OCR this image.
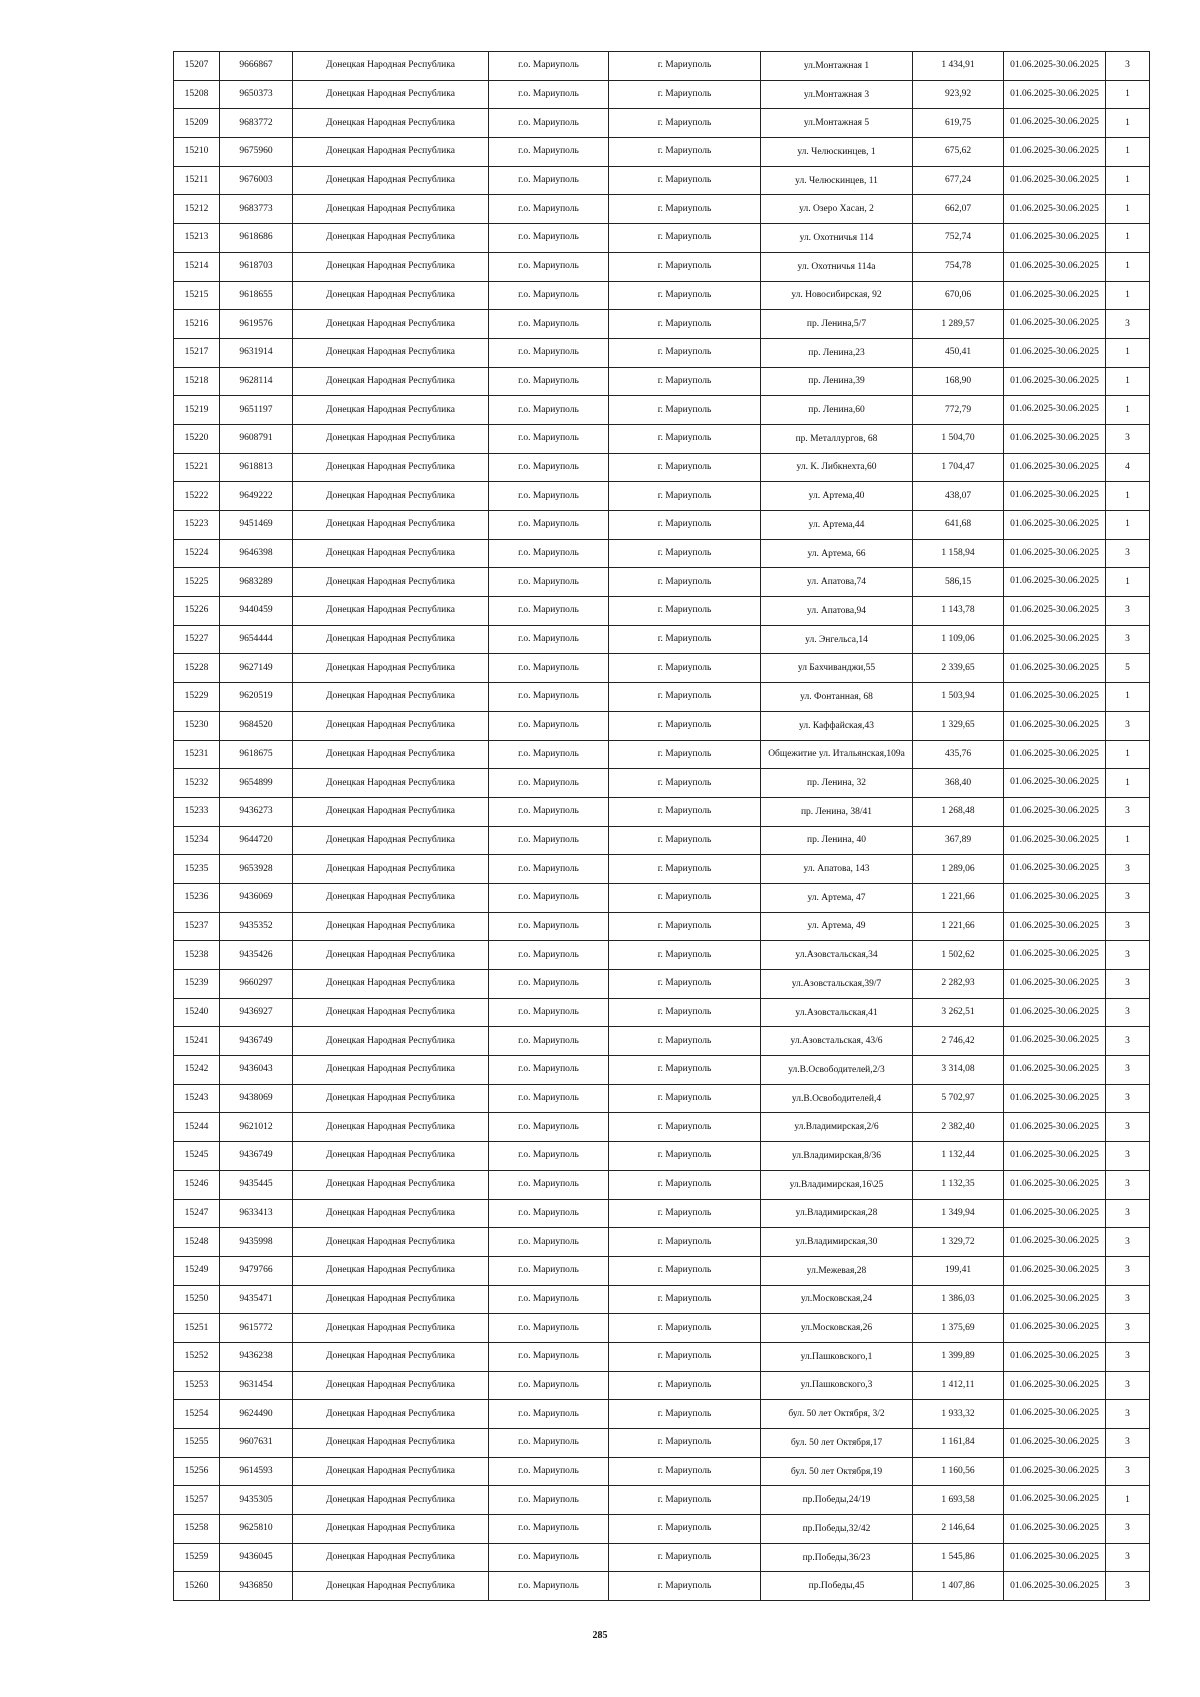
15207	9666867	Донецкая Народная Республика	г.о. Мариуполь	г. Мариуполь	ул.Монтажная 1	1 434,91	01.06.2025-30.06.2025	3
15208	9650373	Донецкая Народная Республика	г.о. Мариуполь	г. Мариуполь	ул.Монтажная 3	923,92	01.06.2025-30.06.2025	1
15209	9683772	Донецкая Народная Республика	г.о. Мариуполь	г. Мариуполь	ул.Монтажная 5	619,75	01.06.2025-30.06.2025	1
15210	9675960	Донецкая Народная Республика	г.о. Мариуполь	г. Мариуполь	ул. Челюскинцев, 1	675,62	01.06.2025-30.06.2025	1
15211	9676003	Донецкая Народная Республика	г.о. Мариуполь	г. Мариуполь	ул. Челюскинцев, 11	677,24	01.06.2025-30.06.2025	1
15212	9683773	Донецкая Народная Республика	г.о. Мариуполь	г. Мариуполь	ул. Озеро Хасан, 2	662,07	01.06.2025-30.06.2025	1
15213	9618686	Донецкая Народная Республика	г.о. Мариуполь	г. Мариуполь	ул. Охотничья 114	752,74	01.06.2025-30.06.2025	1
15214	9618703	Донецкая Народная Республика	г.о. Мариуполь	г. Мариуполь	ул. Охотничья 114а	754,78	01.06.2025-30.06.2025	1
15215	9618655	Донецкая Народная Республика	г.о. Мариуполь	г. Мариуполь	ул. Новосибирская, 92	670,06	01.06.2025-30.06.2025	1
15216	9619576	Донецкая Народная Республика	г.о. Мариуполь	г. Мариуполь	пр. Ленина,5/7	1 289,57	01.06.2025-30.06.2025	3
15217	9631914	Донецкая Народная Республика	г.о. Мариуполь	г. Мариуполь	пр. Ленина,23	450,41	01.06.2025-30.06.2025	1
15218	9628114	Донецкая Народная Республика	г.о. Мариуполь	г. Мариуполь	пр. Ленина,39	168,90	01.06.2025-30.06.2025	1
15219	9651197	Донецкая Народная Республика	г.о. Мариуполь	г. Мариуполь	пр. Ленина,60	772,79	01.06.2025-30.06.2025	1
15220	9608791	Донецкая Народная Республика	г.о. Мариуполь	г. Мариуполь	пр. Металлургов, 68	1 504,70	01.06.2025-30.06.2025	3
15221	9618813	Донецкая Народная Республика	г.о. Мариуполь	г. Мариуполь	ул. К. Либкнехта,60	1 704,47	01.06.2025-30.06.2025	4
15222	9649222	Донецкая Народная Республика	г.о. Мариуполь	г. Мариуполь	ул. Артема,40	438,07	01.06.2025-30.06.2025	1
15223	9451469	Донецкая Народная Республика	г.о. Мариуполь	г. Мариуполь	ул. Артема,44	641,68	01.06.2025-30.06.2025	1
15224	9646398	Донецкая Народная Республика	г.о. Мариуполь	г. Мариуполь	ул. Артема, 66	1 158,94	01.06.2025-30.06.2025	3
15225	9683289	Донецкая Народная Республика	г.о. Мариуполь	г. Мариуполь	ул. Апатова,74	586,15	01.06.2025-30.06.2025	1
15226	9440459	Донецкая Народная Республика	г.о. Мариуполь	г. Мариуполь	ул. Апатова,94	1 143,78	01.06.2025-30.06.2025	3
15227	9654444	Донецкая Народная Республика	г.о. Мариуполь	г. Мариуполь	ул. Энгельса,14	1 109,06	01.06.2025-30.06.2025	3
15228	9627149	Донецкая Народная Республика	г.о. Мариуполь	г. Мариуполь	ул Бахчиванджи,55	2 339,65	01.06.2025-30.06.2025	5
15229	9620519	Донецкая Народная Республика	г.о. Мариуполь	г. Мариуполь	ул. Фонтанная, 68	1 503,94	01.06.2025-30.06.2025	1
15230	9684520	Донецкая Народная Республика	г.о. Мариуполь	г. Мариуполь	ул. Каффайская,43	1 329,65	01.06.2025-30.06.2025	3
15231	9618675	Донецкая Народная Республика	г.о. Мариуполь	г. Мариуполь	Общежитие ул. Итальянская,109а	435,76	01.06.2025-30.06.2025	1
15232	9654899	Донецкая Народная Республика	г.о. Мариуполь	г. Мариуполь	пр. Ленина, 32	368,40	01.06.2025-30.06.2025	1
15233	9436273	Донецкая Народная Республика	г.о. Мариуполь	г. Мариуполь	пр. Ленина, 38/41	1 268,48	01.06.2025-30.06.2025	3
15234	9644720	Донецкая Народная Республика	г.о. Мариуполь	г. Мариуполь	пр. Ленина, 40	367,89	01.06.2025-30.06.2025	1
15235	9653928	Донецкая Народная Республика	г.о. Мариуполь	г. Мариуполь	ул. Апатова, 143	1 289,06	01.06.2025-30.06.2025	3
15236	9436069	Донецкая Народная Республика	г.о. Мариуполь	г. Мариуполь	ул. Артема, 47	1 221,66	01.06.2025-30.06.2025	3
15237	9435352	Донецкая Народная Республика	г.о. Мариуполь	г. Мариуполь	ул. Артема, 49	1 221,66	01.06.2025-30.06.2025	3
15238	9435426	Донецкая Народная Республика	г.о. Мариуполь	г. Мариуполь	ул.Азовстальская,34	1 502,62	01.06.2025-30.06.2025	3
15239	9660297	Донецкая Народная Республика	г.о. Мариуполь	г. Мариуполь	ул.Азовстальская,39/7	2 282,93	01.06.2025-30.06.2025	3
15240	9436927	Донецкая Народная Республика	г.о. Мариуполь	г. Мариуполь	ул.Азовстальская,41	3 262,51	01.06.2025-30.06.2025	3
15241	9436749	Донецкая Народная Республика	г.о. Мариуполь	г. Мариуполь	ул.Азовстальская, 43/6	2 746,42	01.06.2025-30.06.2025	3
15242	9436043	Донецкая Народная Республика	г.о. Мариуполь	г. Мариуполь	ул.В.Освободителей,2/3	3 314,08	01.06.2025-30.06.2025	3
15243	9438069	Донецкая Народная Республика	г.о. Мариуполь	г. Мариуполь	ул.В.Освободителей,4	5 702,97	01.06.2025-30.06.2025	3
15244	9621012	Донецкая Народная Республика	г.о. Мариуполь	г. Мариуполь	ул.Владимирская,2/6	2 382,40	01.06.2025-30.06.2025	3
15245	9436749	Донецкая Народная Республика	г.о. Мариуполь	г. Мариуполь	ул.Владимирская,8/36	1 132,44	01.06.2025-30.06.2025	3
15246	9435445	Донецкая Народная Республика	г.о. Мариуполь	г. Мариуполь	ул.Владимирская,16\25	1 132,35	01.06.2025-30.06.2025	3
15247	9633413	Донецкая Народная Республика	г.о. Мариуполь	г. Мариуполь	ул.Владимирская,28	1 349,94	01.06.2025-30.06.2025	3
15248	9435998	Донецкая Народная Республика	г.о. Мариуполь	г. Мариуполь	ул.Владимирская,30	1 329,72	01.06.2025-30.06.2025	3
15249	9479766	Донецкая Народная Республика	г.о. Мариуполь	г. Мариуполь	ул.Межевая,28	199,41	01.06.2025-30.06.2025	3
15250	9435471	Донецкая Народная Республика	г.о. Мариуполь	г. Мариуполь	ул.Московская,24	1 386,03	01.06.2025-30.06.2025	3
15251	9615772	Донецкая Народная Республика	г.о. Мариуполь	г. Мариуполь	ул.Московская,26	1 375,69	01.06.2025-30.06.2025	3
15252	9436238	Донецкая Народная Республика	г.о. Мариуполь	г. Мариуполь	ул.Пашковского,1	1 399,89	01.06.2025-30.06.2025	3
15253	9631454	Донецкая Народная Республика	г.о. Мариуполь	г. Мариуполь	ул.Пашковского,3	1 412,11	01.06.2025-30.06.2025	3
15254	9624490	Донецкая Народная Республика	г.о. Мариуполь	г. Мариуполь	бул. 50 лет Октября, 3/2	1 933,32	01.06.2025-30.06.2025	3
15255	9607631	Донецкая Народная Республика	г.о. Мариуполь	г. Мариуполь	бул. 50 лет Октября,17	1 161,84	01.06.2025-30.06.2025	3
15256	9614593	Донецкая Народная Республика	г.о. Мариуполь	г. Мариуполь	бул. 50 лет Октября,19	1 160,56	01.06.2025-30.06.2025	3
15257	9435305	Донецкая Народная Республика	г.о. Мариуполь	г. Мариуполь	пр.Победы,24/19	1 693,58	01.06.2025-30.06.2025	1
15258	9625810	Донецкая Народная Республика	г.о. Мариуполь	г. Мариуполь	пр.Победы,32/42	2 146,64	01.06.2025-30.06.2025	3
15259	9436045	Донецкая Народная Республика	г.о. Мариуполь	г. Мариуполь	пр.Победы,36/23	1 545,86	01.06.2025-30.06.2025	3
15260	9436850	Донецкая Народная Республика	г.о. Мариуполь	г. Мариуполь	пр.Победы,45	1 407,86	01.06.2025-30.06.2025	3
285
